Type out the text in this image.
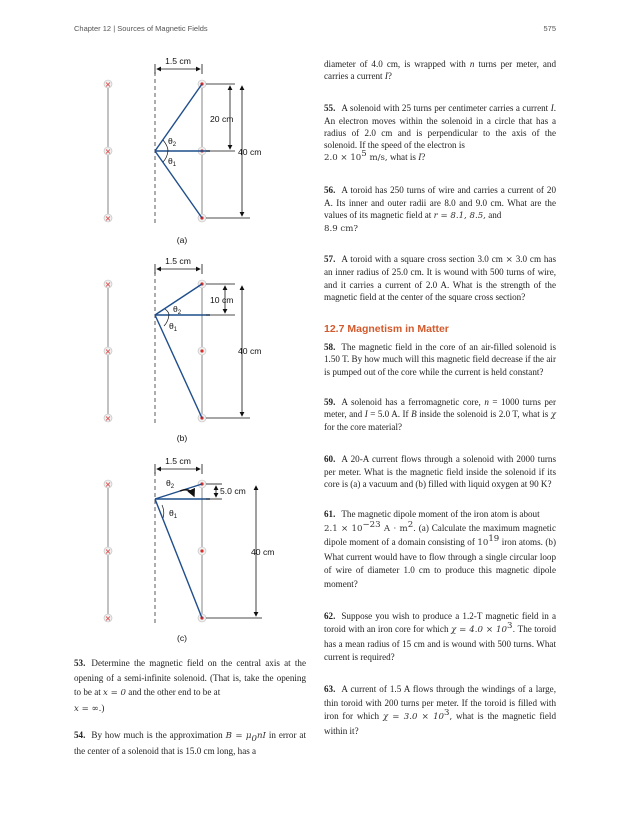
Chapter 12 | Sources of Magnetic Fields	575
×
×
×
1.5 cm
20 cm
40 cm
$\theta_2$
$\theta_1$
(a)
×
×
×
1.5 cm
10 cm
40 cm
$\theta_2$
$\theta_1$
(b)
×
×
×
1.5 cm
5.0 cm
40 cm
$\theta_2$
$\theta_1$
(c)
53. Determine the magnetic field on the central axis at the opening of a semi-infinite solenoid. (That is, take the opening to be at x = 0 and the other end to be at
x = ∞.)
54. By how much is the approximation $B = \mu_0nI$ in error at the center of a solenoid that is 15.0 cm long, has a
diameter of 4.0 cm, is wrapped with n turns per meter, and carries a current I?
55. A solenoid with 25 turns per centimeter carries a current I. An electron moves within the solenoid in a circle that has a radius of 2.0 cm and is perpendicular to the axis of the solenoid. If the speed of the electron is
$2.0 \times 10^5$ m/s, what is I?
56. A toroid has 250 turns of wire and carries a current of 20 A. Its inner and outer radii are 8.0 and 9.0 cm. What are the values of its magnetic field at r = 8.1, 8.5, and
8.9 cm?
57. A toroid with a square cross section 3.0 cm × 3.0 cm has an inner radius of 25.0 cm. It is wound with 500 turns of wire, and it carries a current of 2.0 A. What is the strength of the magnetic field at the center of the square cross section?
12.7 Magnetism in Matter
58. The magnetic field in the core of an air-filled solenoid is 1.50 T. By how much will this magnetic field decrease if the air is pumped out of the core while the current is held constant?
59. A solenoid has a ferromagnetic core, n = 1000 turns per meter, and I = 5.0 A. If B inside the solenoid is 2.0 T, what is χ for the core material?
60. A 20-A current flows through a solenoid with 2000 turns per meter. What is the magnetic field inside the solenoid if its core is (a) a vacuum and (b) filled with liquid oxygen at 90 K?
61. The magnetic dipole moment of the iron atom is about
$2.1 \times 10^{-23}$ $A \cdot m^2$. (a) Calculate the maximum magnetic dipole moment of a domain consisting of $10^{19}$ iron atoms. (b) What current would have to flow through a single circular loop of wire of diameter 1.0 cm to produce this magnetic dipole moment?
62. Suppose you wish to produce a 1.2-T magnetic field in a toroid with an iron core for which $\chi = 4.0 \times 10^3$. The toroid has a mean radius of 15 cm and is wound with 500 turns. What current is required?
63. A current of 1.5 A flows through the windings of a large, thin toroid with 200 turns per meter. If the toroid is filled with iron for which $\chi = 3.0 \times 10^3$, what is the magnetic field within it?
